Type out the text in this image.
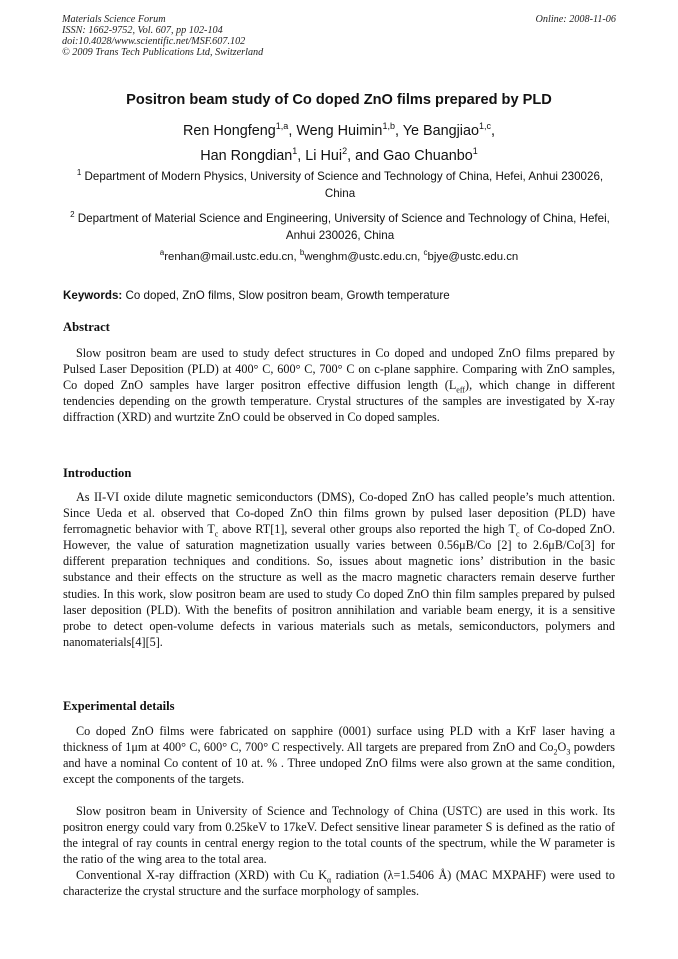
Materials Science Forum	Online: 2008-11-06
ISSN: 1662-9752, Vol. 607, pp 102-104
doi:10.4028/www.scientific.net/MSF.607.102
© 2009 Trans Tech Publications Ltd, Switzerland
Positron beam study of Co doped ZnO films prepared by PLD
Ren Hongfeng$^{1,a}$, Weng Huimin$^{1,b}$, Ye Bangjiao$^{1,c}$,
Han Rongdian$^1$, Li Hui$^2$, and Gao Chuanbo$^1$
$^1$ Department of Modern Physics, University of Science and Technology of China, Hefei, Anhui 230026, China
$^2$ Department of Material Science and Engineering, University of Science and Technology of China, Hefei, Anhui 230026, China
$^a$renhan@mail.ustc.edu.cn, $^b$wenghm@ustc.edu.cn, $^c$bjye@ustc.edu.cn
Keywords: Co doped, ZnO films, Slow positron beam, Growth temperature
Abstract
Slow positron beam are used to study defect structures in Co doped and undoped ZnO films prepared by Pulsed Laser Deposition (PLD) at 400° C, 600° C, 700° C on c-plane sapphire. Comparing with ZnO samples, Co doped ZnO samples have larger positron effective diffusion length $(L_{eff})$, which change in different tendencies depending on the growth temperature. Crystal structures of the samples are investigated by X-ray diffraction (XRD) and wurtzite ZnO could be observed in Co doped samples.
Introduction
As II-VI oxide dilute magnetic semiconductors (DMS), Co-doped ZnO has called people’s much attention. Since Ueda et al. observed that Co-doped ZnO thin films grown by pulsed laser deposition (PLD) have ferromagnetic behavior with $T_c$ above RT[1], several other groups also reported the high $T_c$ of Co-doped ZnO. However, the value of saturation magnetization usually varies between 0.56μB/Co [2] to 2.6μB/Co[3] for different preparation techniques and conditions. So, issues about magnetic ions’ distribution in the basic substance and their effects on the structure as well as the macro magnetic characters remain deserve further studies. In this work, slow positron beam are used to study Co doped ZnO thin film samples prepared by pulsed laser deposition (PLD). With the benefits of positron annihilation and variable beam energy, it is a sensitive probe to detect open-volume defects in various materials such as metals, semiconductors, polymers and nanomaterials[4][5].
Experimental details
Co doped ZnO films were fabricated on sapphire (0001) surface using PLD with a KrF laser having a thickness of 1μm at 400° C, 600° C, 700° C respectively. All targets are prepared from ZnO and $Co_2O_3$ powders and have a nominal Co content of 10 at. % . Three undoped ZnO films were also grown at the same condition, except the components of the targets.
Slow positron beam in University of Science and Technology of China (USTC) are used in this work. Its positron energy could vary from 0.25keV to 17keV. Defect sensitive linear parameter S is defined as the ratio of the integral of ray counts in central energy region to the total counts of the spectrum, while the W parameter is the ratio of the wing area to the total area.
Conventional X-ray diffraction (XRD) with Cu $K_\alpha$ radiation (λ=1.5406 Å) (MAC MXPAHF) were used to characterize the crystal structure and the surface morphology of samples.
